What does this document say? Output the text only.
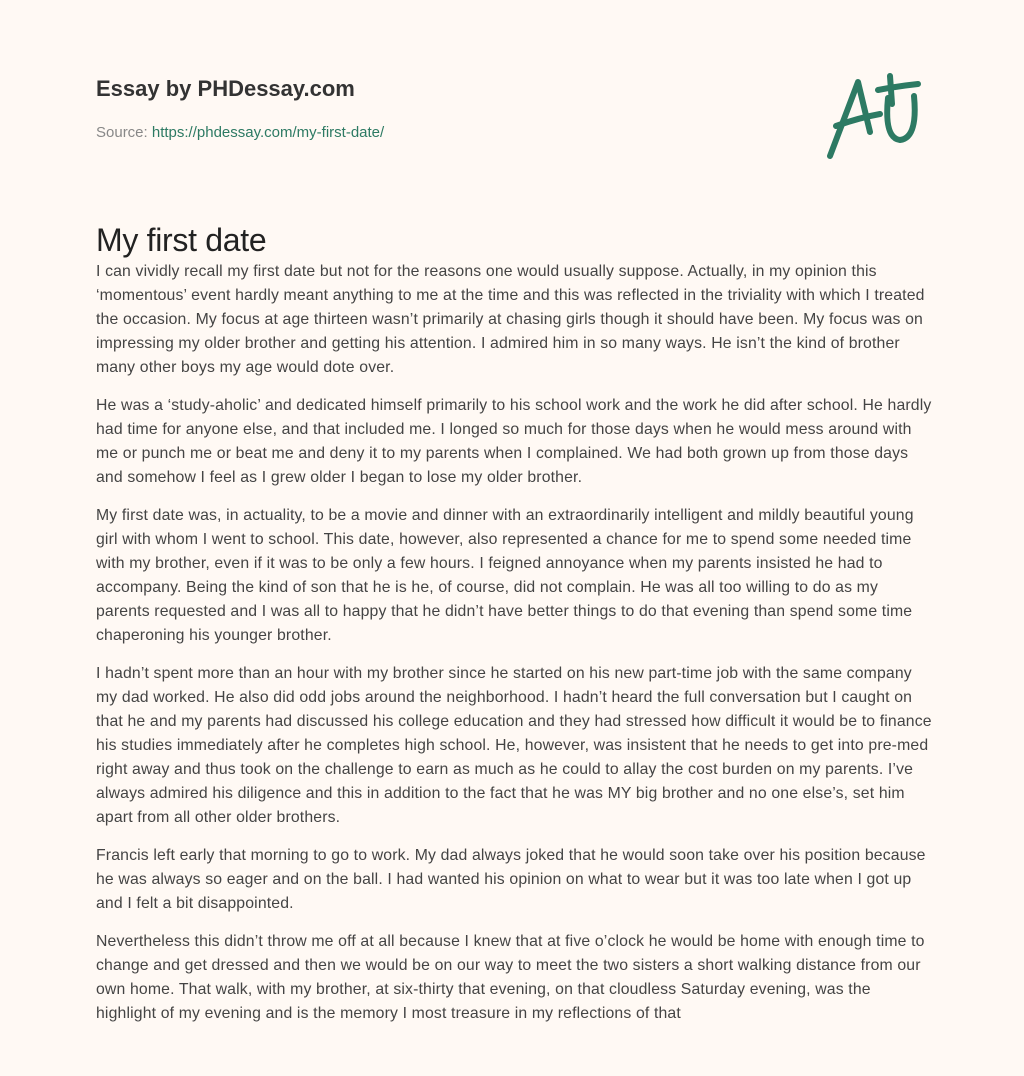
Essay by PHDessay.com
Source: https://phdessay.com/my-first-date/
My first date

I can vividly recall my first date but not for the reasons one would usually suppose. Actually, in my opinion this ‘momentous’ event hardly meant anything to me at the time and this was reflected in the triviality with which I treated the occasion. My focus at age thirteen wasn’t primarily at chasing girls though it should have been. My focus was on impressing my older brother and getting his attention. I admired him in so many ways. He isn’t the kind of brother many other boys my age would dote over.

He was a ‘study-aholic’ and dedicated himself primarily to his school work and the work he did after school. He hardly had time for anyone else, and that included me. I longed so much for those days when he would mess around with me or punch me or beat me and deny it to my parents when I complained. We had both grown up from those days and somehow I feel as I grew older I began to lose my older brother.

My first date was, in actuality, to be a movie and dinner with an extraordinarily intelligent and mildly beautiful young girl with whom I went to school. This date, however, also represented a chance for me to spend some needed time with my brother, even if it was to be only a few hours. I feigned annoyance when my parents insisted he had to accompany. Being the kind of son that he is he, of course, did not complain. He was all too willing to do as my parents requested and I was all to happy that he didn’t have better things to do that evening than spend some time chaperoning his younger brother.

I hadn’t spent more than an hour with my brother since he started on his new part-time job with the same company my dad worked. He also did odd jobs around the neighborhood. I hadn’t heard the full conversation but I caught on that he and my parents had discussed his college education and they had stressed how difficult it would be to finance his studies immediately after he completes high school. He, however, was insistent that he needs to get into pre-med right away and thus took on the challenge to earn as much as he could to allay the cost burden on my parents. I’ve always admired his diligence and this in addition to the fact that he was MY big brother and no one else’s, set him apart from all other older brothers.

Francis left early that morning to go to work. My dad always joked that he would soon take over his position because he was always so eager and on the ball. I had wanted his opinion on what to wear but it was too late when I got up and I felt a bit disappointed.

Nevertheless this didn’t throw me off at all because I knew that at five o’clock he would be home with enough time to change and get dressed and then we would be on our way to meet the two sisters a short walking distance from our own home. That walk, with my brother, at six-thirty that evening, on that cloudless Saturday evening, was the highlight of my evening and is the memory I most treasure in my reflections of that
